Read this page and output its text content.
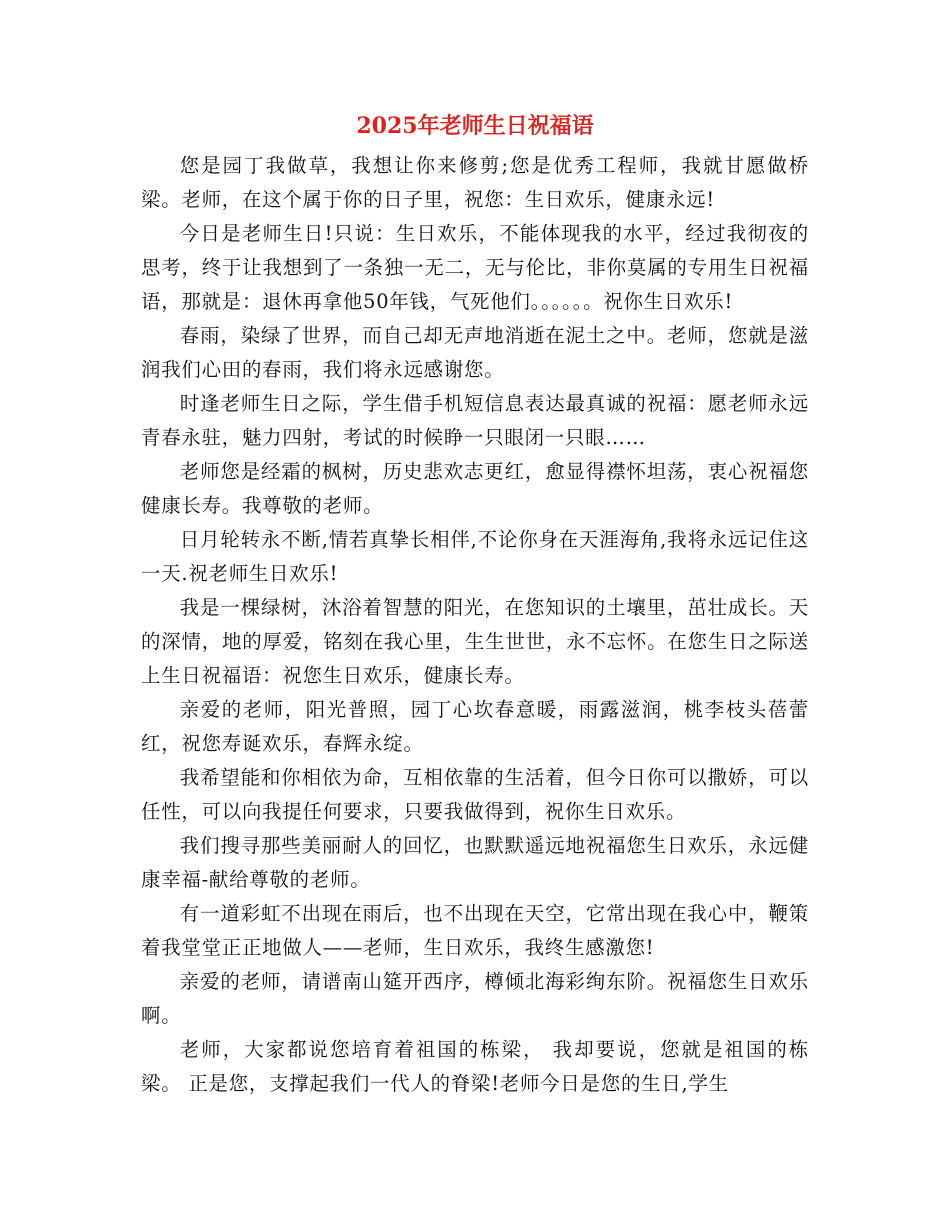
2025年老师生日祝福语

您是园丁我做草，我想让你来修剪;您是优秀工程师，我就甘愿做桥梁。老师，在这个属于你的日子里，祝您：生日欢乐，健康永远!

今日是老师生日!只说：生日欢乐，不能体现我的水平，经过我彻夜的思考，终于让我想到了一条独一无二，无与伦比，非你莫属的专用生日祝福语，那就是：退休再拿他50年钱，气死他们。。。。。。祝你生日欢乐!

春雨，染绿了世界，而自己却无声地消逝在泥土之中。老师，您就是滋润我们心田的春雨，我们将永远感谢您。

时逢老师生日之际，学生借手机短信息表达最真诚的祝福：愿老师永远青春永驻，魅力四射，考试的时候睁一只眼闭一只眼……

老师您是经霜的枫树，历史悲欢志更红，愈显得襟怀坦荡，衷心祝福您健康长寿。我尊敬的老师。

日月轮转永不断,情若真挚长相伴,不论你身在天涯海角,我将永远记住这一天.祝老师生日欢乐!

我是一棵绿树，沐浴着智慧的阳光，在您知识的土壤里，茁壮成长。天的深情，地的厚爱，铭刻在我心里，生生世世，永不忘怀。在您生日之际送上生日祝福语：祝您生日欢乐，健康长寿。

亲爱的老师，阳光普照，园丁心坎春意暖，雨露滋润，桃李枝头蓓蕾红，祝您寿诞欢乐，春辉永绽。

我希望能和你相依为命，互相依靠的生活着，但今日你可以撒娇，可以任性，可以向我提任何要求，只要我做得到，祝你生日欢乐。

我们搜寻那些美丽耐人的回忆，也默默遥远地祝福您生日欢乐，永远健康幸福-献给尊敬的老师。

有一道彩虹不出现在雨后，也不出现在天空，它常出现在我心中，鞭策着我堂堂正正地做人——老师，生日欢乐，我终生感激您!

亲爱的老师，请谱南山筵开西序，樽倾北海彩绚东阶。祝福您生日欢乐啊。

老师，大家都说您培育着祖国的栋梁， 我却要说，您就是祖国的栋梁。 正是您，支撑起我们一代人的脊梁!老师今日是您的生日,学生
